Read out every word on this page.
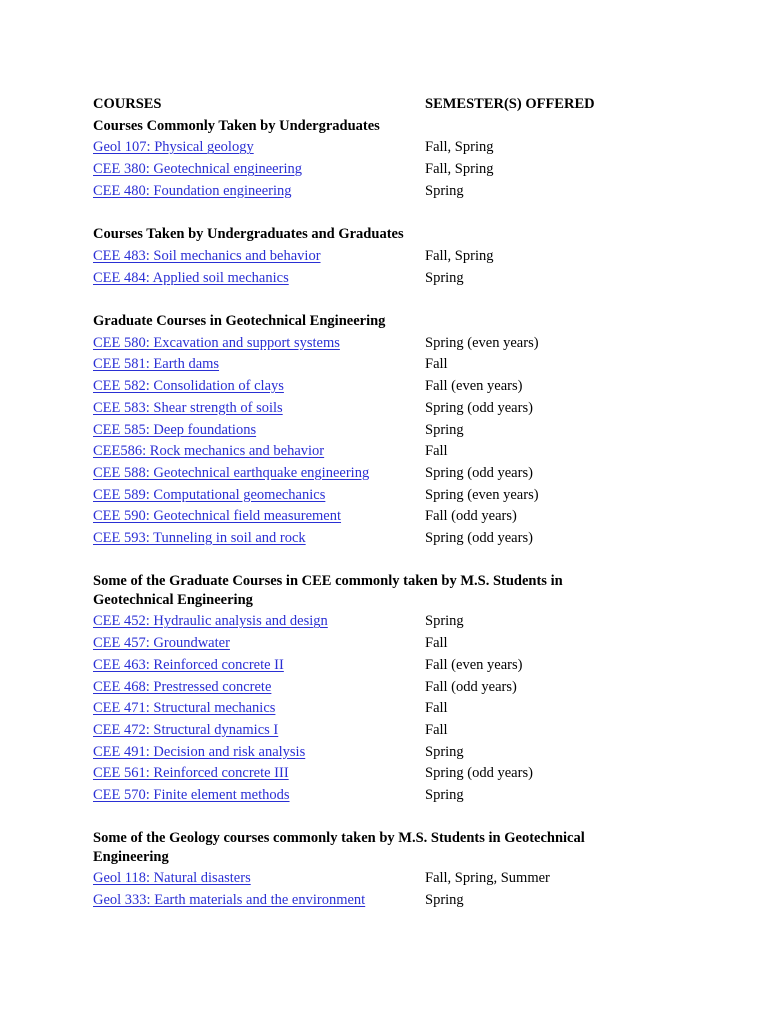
COURSES	SEMESTER(S) OFFERED
Courses Commonly Taken by Undergraduates
Geol 107: Physical geology	Fall, Spring
CEE 380: Geotechnical engineering	Fall, Spring
CEE 480: Foundation engineering	Spring
Courses Taken by Undergraduates and Graduates
CEE 483: Soil mechanics and behavior	Fall, Spring
CEE 484: Applied soil mechanics	Spring
Graduate Courses in Geotechnical Engineering
CEE 580: Excavation and support systems	Spring (even years)
CEE 581: Earth dams	Fall
CEE 582: Consolidation of clays	Fall (even years)
CEE 583: Shear strength of soils	Spring (odd years)
CEE 585: Deep foundations	Spring
CEE586: Rock mechanics and behavior	Fall
CEE 588: Geotechnical earthquake engineering	Spring (odd years)
CEE 589: Computational geomechanics	Spring (even years)
CEE 590: Geotechnical field measurement	Fall (odd years)
CEE 593: Tunneling in soil and rock	Spring (odd years)
Some of the Graduate Courses in CEE commonly taken by M.S. Students in Geotechnical Engineering
CEE 452: Hydraulic analysis and design	Spring
CEE 457: Groundwater	Fall
CEE 463: Reinforced concrete II	Fall (even years)
CEE 468: Prestressed concrete	Fall (odd years)
CEE 471: Structural mechanics	Fall
CEE 472: Structural dynamics I	Fall
CEE 491: Decision and risk analysis	Spring
CEE 561: Reinforced concrete III	Spring (odd years)
CEE 570: Finite element methods	Spring
Some of the Geology courses commonly taken by M.S. Students in Geotechnical Engineering
Geol 118: Natural disasters	Fall, Spring, Summer
Geol 333: Earth materials and the environment	Spring
